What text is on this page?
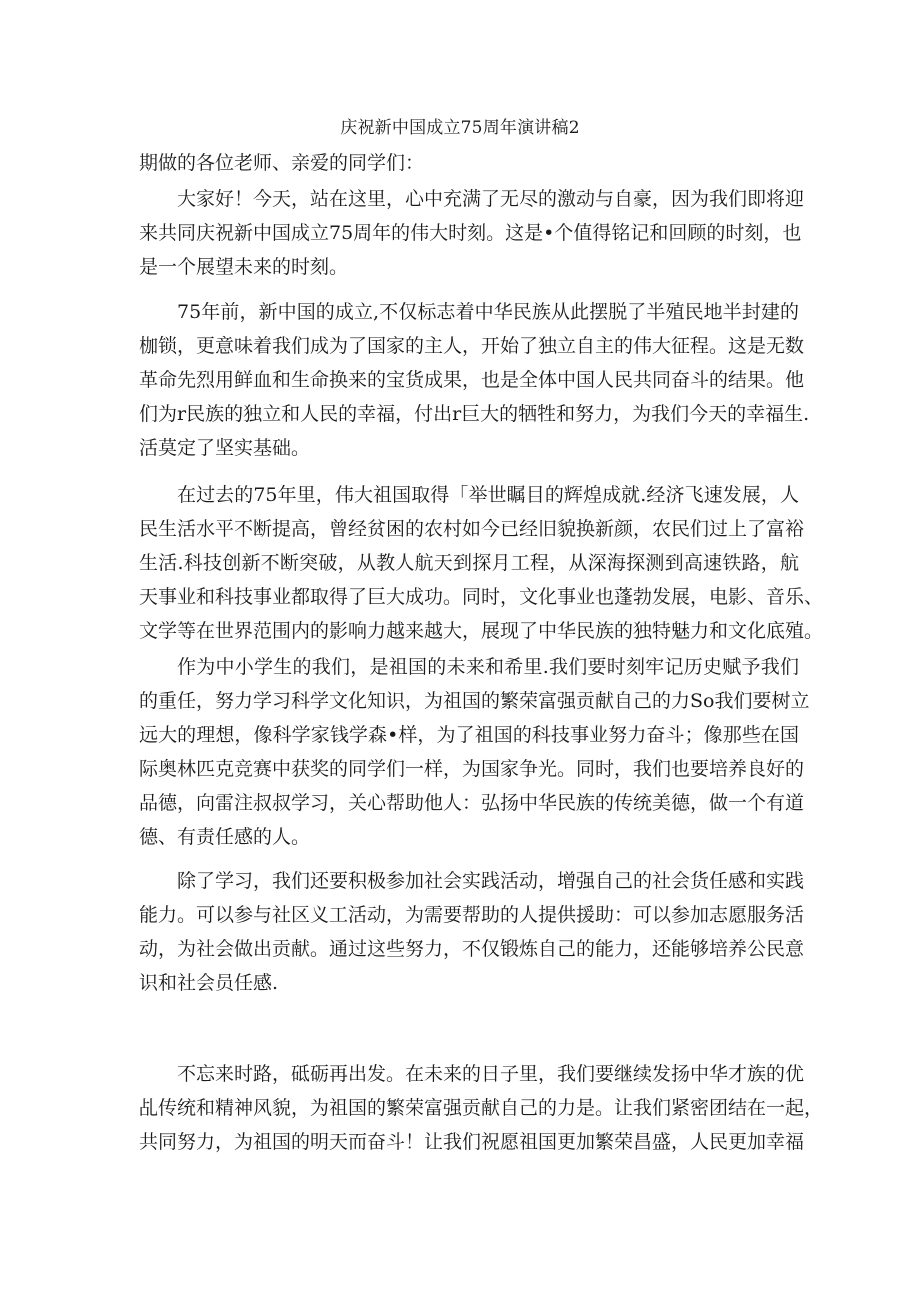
庆祝新中国成立75周年演讲稿2
期做的各位老师、亲爱的同学们：
大家好！今天，站在这里，心中充满了无尽的激动与自豪，因为我们即将迎
来共同庆祝新中国成立75周年的伟大时刻。这是•个值得铭记和回顾的时刻，也
是一个展望未来的时刻。
75年前，新中国的成立,不仅标志着中华民族从此摆脱了半殖民地半封建的
枷锁，更意味着我们成为了国家的主人，开始了独立自主的伟大征程。这是无数
革命先烈用鲜血和生命换来的宝货成果，也是全体中国人民共同奋斗的结果。他
们为r民族的独立和人民的幸福，付出r巨大的牺牲和努力，为我们今天的幸福生.
活莫定了坚实基础。
在过去的75年里，伟大祖国取得「举世瞩目的辉煌成就.经济飞速发展，人
民生活水平不断提高，曾经贫困的农村如今已经旧貌换新颜，农民们过上了富裕
生活.科技创新不断突破，从教人航天到探月工程，从深海探测到高速铁路，航
天事业和科技事业都取得了巨大成功。同时，文化事业也蓬勃发展，电影、音乐、
文学等在世界范围内的影响力越来越大，展现了中华民族的独特魅力和文化底殖。
作为中小学生的我们，是祖国的未来和希里.我们要时刻牢记历史赋予我们
的重任，努力学习科学文化知识，为祖国的繁荣富强贡献自己的力So我们要树立
远大的理想，像科学家钱学森•样，为了祖国的科技事业努力奋斗；像那些在国
际奥林匹克竞赛中获奖的同学们一样，为国家争光。同时，我们也要培养良好的
品德，向雷注叔叔学习，关心帮助他人：弘扬中华民族的传统美德，做一个有道
德、有责任感的人。
除了学习，我们还要积极参加社会实践活动，增强自己的社会货任感和实践
能力。可以参与社区义工活动，为需要帮助的人提供援助：可以参加志愿服务活
动，为社会做出贡献。通过这些努力，不仅锻炼自己的能力，还能够培养公民意
识和社会员任感.
不忘来时路，砥砺再出发。在未来的日子里，我们要继续发扬中华才族的优
乩传统和精神风貌，为祖国的繁荣富强贡献自己的力是。让我们紧密团结在一起，
共同努力，为祖国的明天而奋斗！让我们祝愿祖国更加繁荣昌盛，人民更加幸福
